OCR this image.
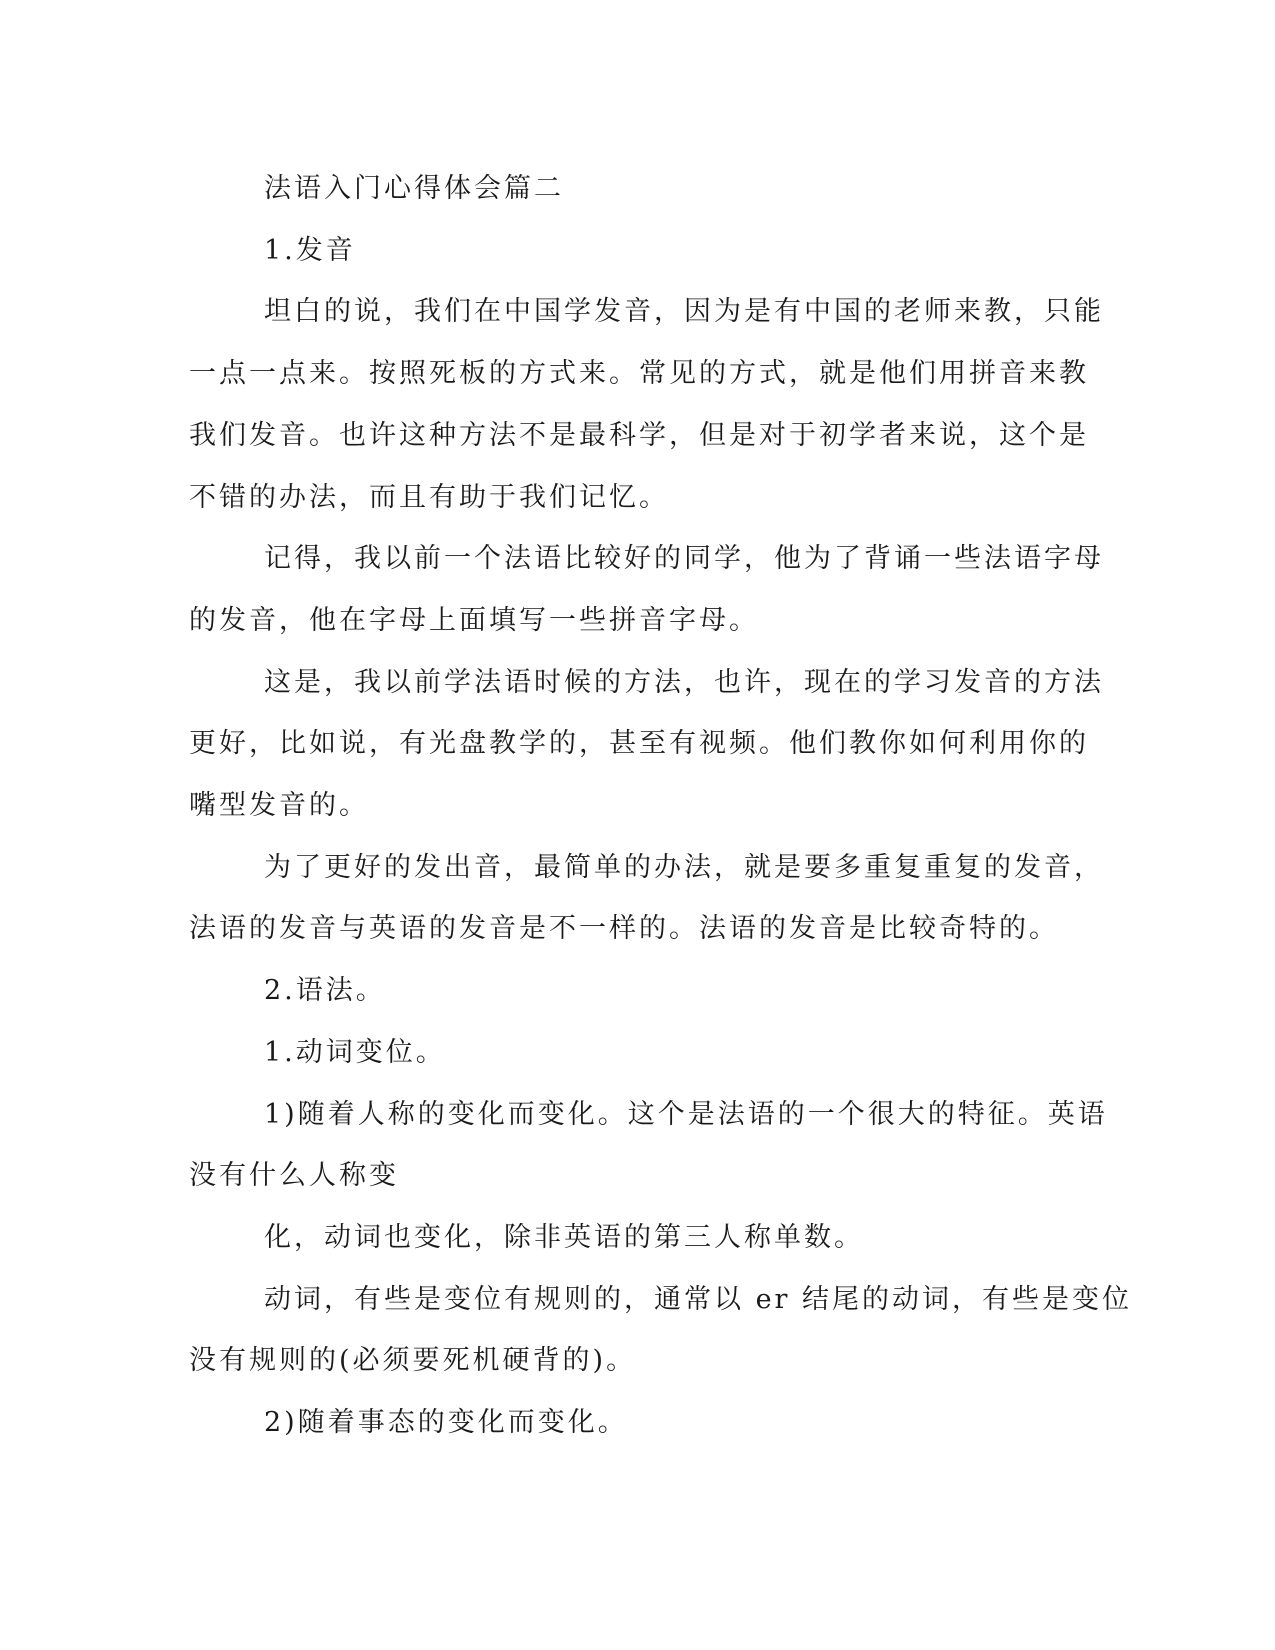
法语入门心得体会篇二

1.发音

坦白的说，我们在中国学发音，因为是有中国的老师来教，只能

一点一点来。按照死板的方式来。常见的方式，就是他们用拼音来教

我们发音。也许这种方法不是最科学，但是对于初学者来说，这个是

不错的办法，而且有助于我们记忆。

记得，我以前一个法语比较好的同学，他为了背诵一些法语字母

的发音，他在字母上面填写一些拼音字母。

这是，我以前学法语时候的方法，也许，现在的学习发音的方法

更好，比如说，有光盘教学的，甚至有视频。他们教你如何利用你的

嘴型发音的。

为了更好的发出音，最简单的办法，就是要多重复重复的发音，

法语的发音与英语的发音是不一样的。法语的发音是比较奇特的。

2.语法。

1.动词变位。

1)随着人称的变化而变化。这个是法语的一个很大的特征。英语

没有什么人称变

化，动词也变化，除非英语的第三人称单数。

动词，有些是变位有规则的，通常以 er 结尾的动词，有些是变位

没有规则的(必须要死机硬背的)。

2)随着事态的变化而变化。
